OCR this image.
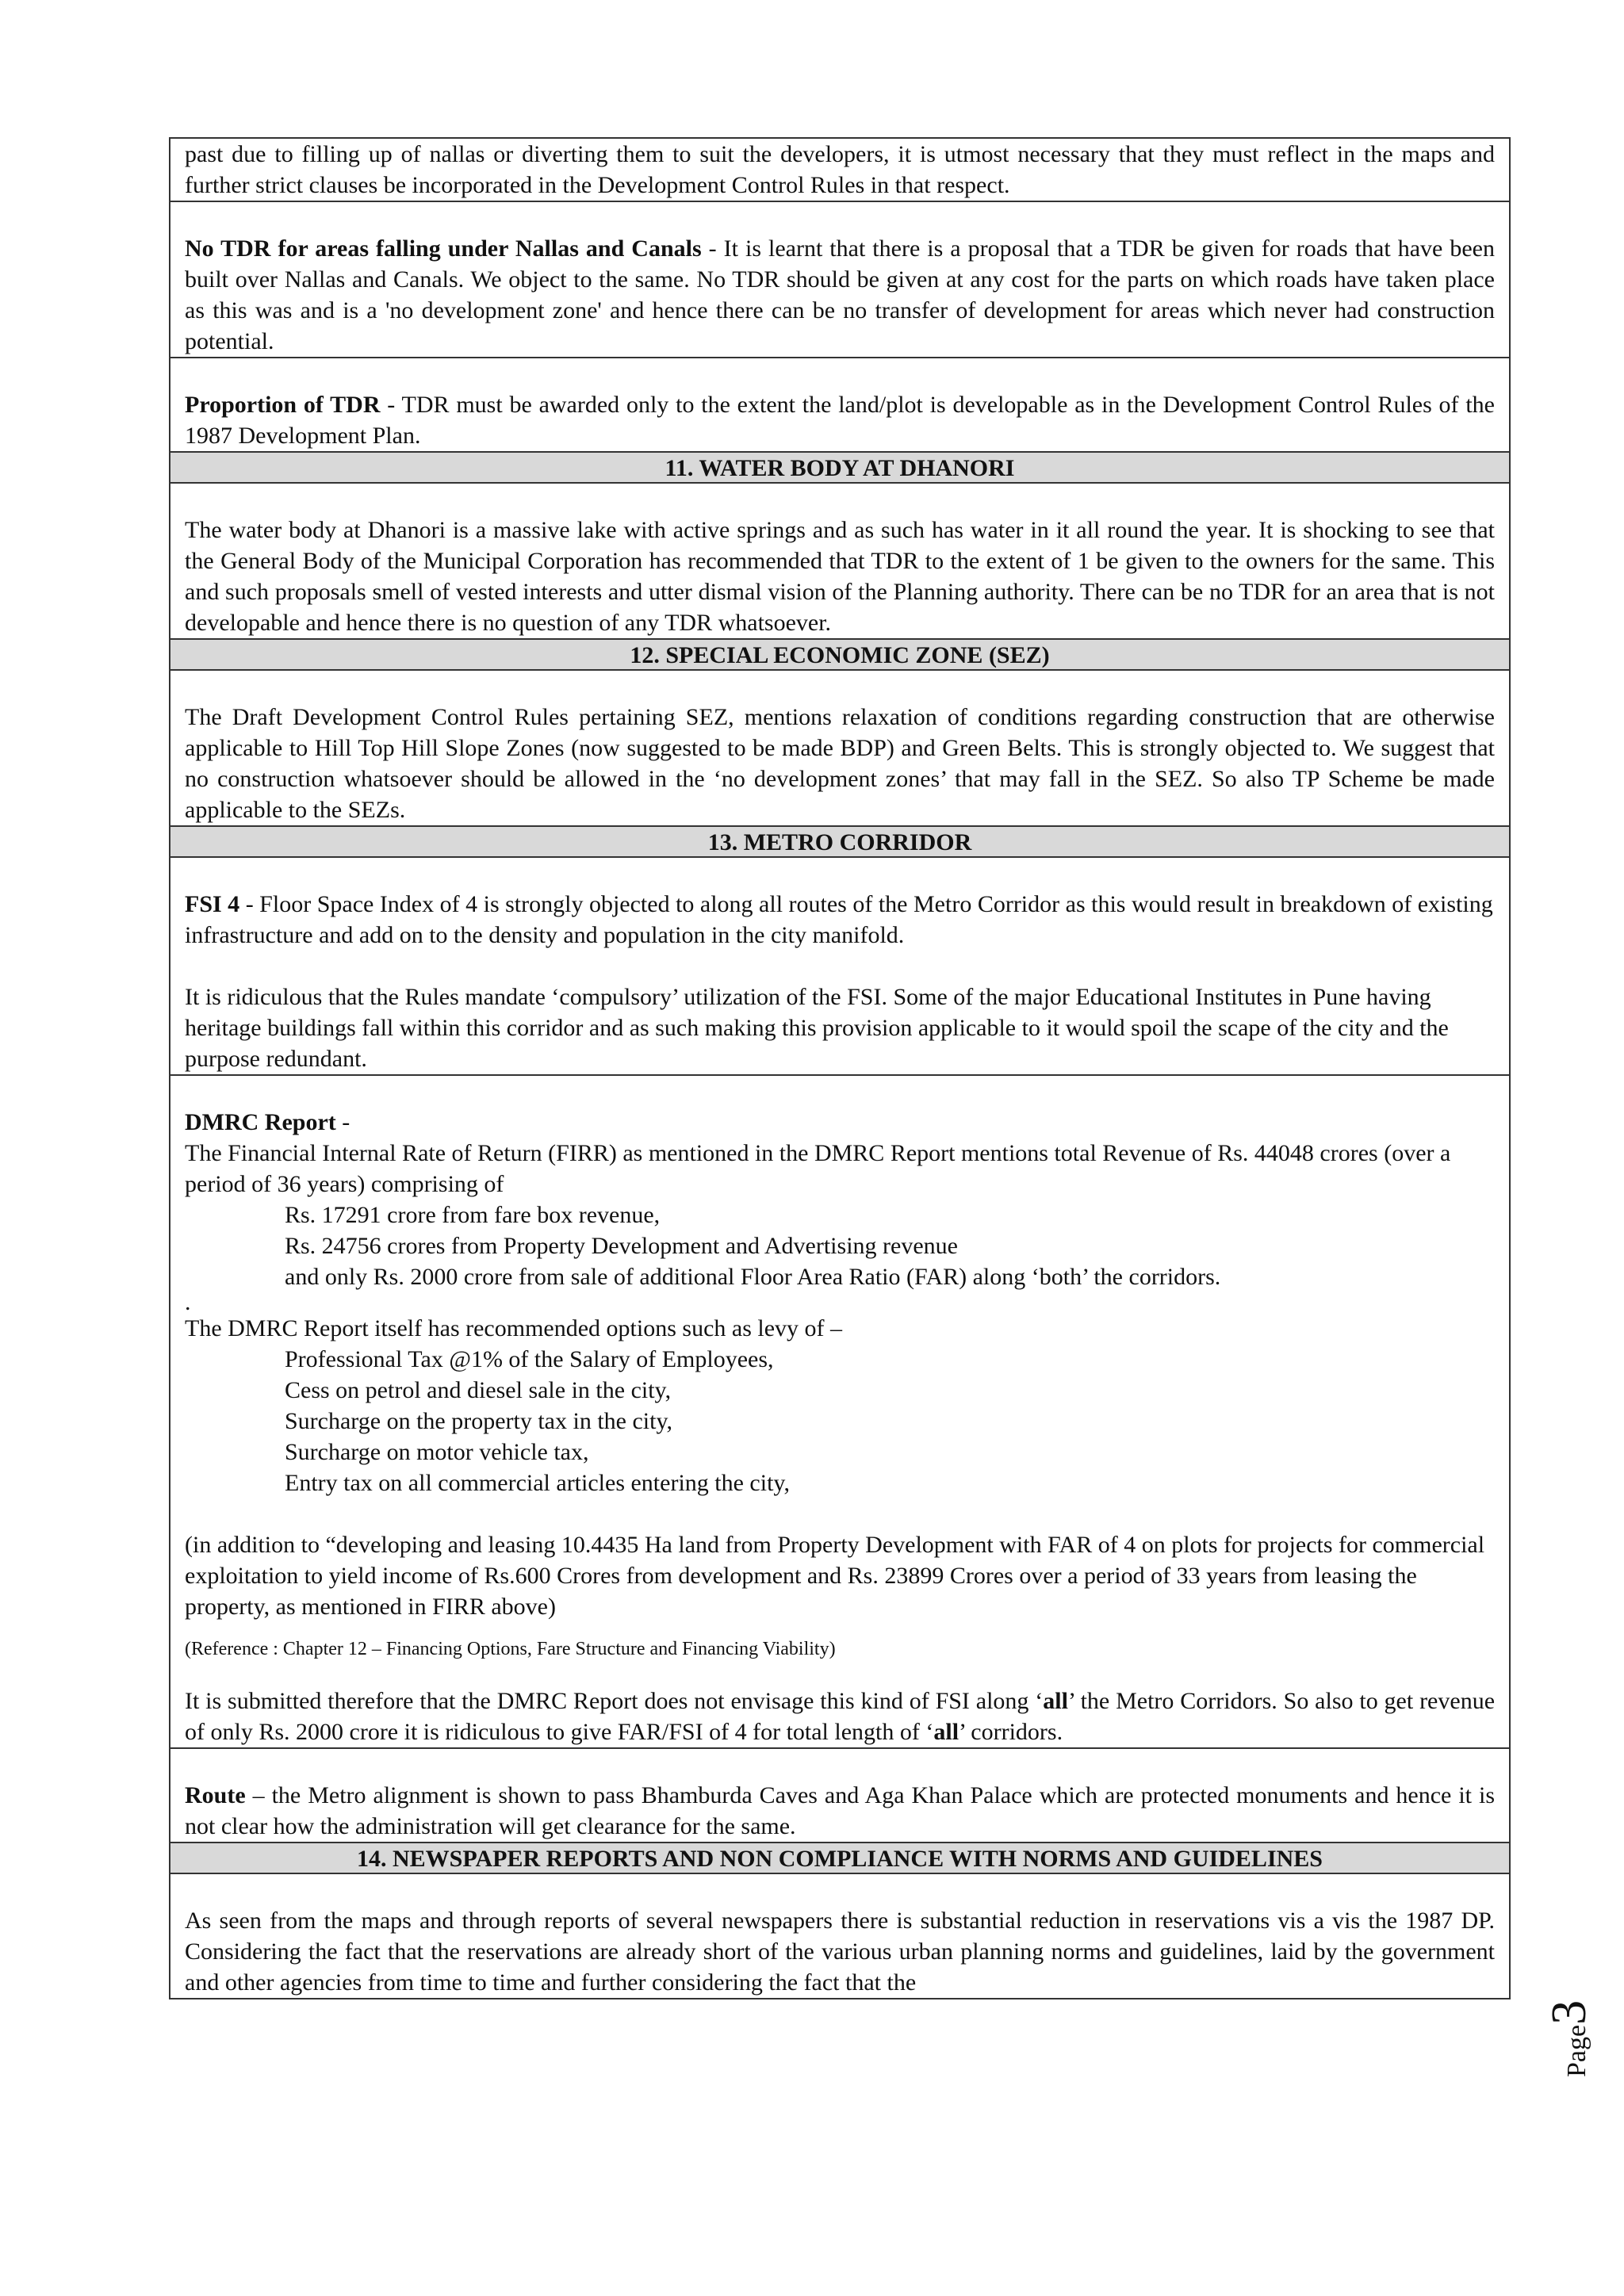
past due to filling up of nallas or diverting them to suit the developers, it is utmost necessary that they must reflect in the maps and further strict clauses be incorporated in the Development Control Rules in that respect.

No TDR for areas falling under Nallas and Canals - It is learnt that there is a proposal that a TDR be given for roads that have been built over Nallas and Canals. We object to the same. No TDR should be given at any cost for the parts on which roads have taken place as this was and is a 'no development zone' and hence there can be no transfer of development for areas which never had construction potential.

Proportion of TDR - TDR must be awarded only to the extent the land/plot is developable as in the Development Control Rules of the 1987 Development Plan.

11. WATER BODY AT DHANORI

The water body at Dhanori is a massive lake with active springs and as such has water in it all round the year. It is shocking to see that the General Body of the Municipal Corporation has recommended that TDR to the extent of 1 be given to the owners for the same. This and such proposals smell of vested interests and utter dismal vision of the Planning authority. There can be no TDR for an area that is not developable and hence there is no question of any TDR whatsoever.

12. SPECIAL ECONOMIC ZONE (SEZ)

The Draft Development Control Rules pertaining SEZ, mentions relaxation of conditions regarding construction that are otherwise applicable to Hill Top Hill Slope Zones (now suggested to be made BDP) and Green Belts. This is strongly objected to. We suggest that no construction whatsoever should be allowed in the ‘no development zones’ that may fall in the SEZ. So also TP Scheme be made applicable to the SEZs.

13. METRO CORRIDOR

FSI 4 - Floor Space Index of 4 is strongly objected to along all routes of the Metro Corridor as this would result in breakdown of existing infrastructure and add on to the density and population in the city manifold.

It is ridiculous that the Rules mandate ‘compulsory’ utilization of the FSI. Some of the major Educational Institutes in Pune having heritage buildings fall within this corridor and as such making this provision applicable to it would spoil the scape of the city and the purpose redundant.

DMRC Report -

The Financial Internal Rate of Return (FIRR) as mentioned in the DMRC Report mentions total Revenue of Rs. 44048 crores (over a period of 36 years) comprising of

Rs. 17291 crore from fare box revenue,

Rs. 24756 crores from Property Development and Advertising revenue

and only Rs. 2000 crore from sale of additional Floor Area Ratio (FAR) along ‘both’ the corridors.

.

The DMRC Report itself has recommended options such as levy of –

Professional Tax @1% of the Salary of Employees,

Cess on petrol and diesel sale in the city,

Surcharge on the property tax in the city,

Surcharge on motor vehicle tax,

Entry tax on all commercial articles entering the city,

(in addition to “developing and leasing 10.4435 Ha land from Property Development with FAR of 4 on plots for projects for commercial exploitation to yield income of Rs.600 Crores from development and Rs. 23899 Crores over a period of 33 years from leasing the property, as mentioned in FIRR above)

(Reference : Chapter 12 – Financing Options, Fare Structure and Financing Viability)

It is submitted therefore that the DMRC Report does not envisage this kind of FSI along ‘all’ the Metro Corridors. So also to get revenue of only Rs. 2000 crore it is ridiculous to give FAR/FSI of 4 for total length of ‘all’ corridors.

Route – the Metro alignment is shown to pass Bhamburda Caves and Aga Khan Palace which are protected monuments and hence it is not clear how the administration will get clearance for the same.

14. NEWSPAPER REPORTS AND NON COMPLIANCE WITH NORMS AND GUIDELINES

As seen from the maps and through reports of several newspapers there is substantial reduction in reservations vis a vis the 1987 DP. Considering the fact that the reservations are already short of the various urban planning norms and guidelines, laid by the government and other agencies from time to time and further considering the fact that the

Page3
